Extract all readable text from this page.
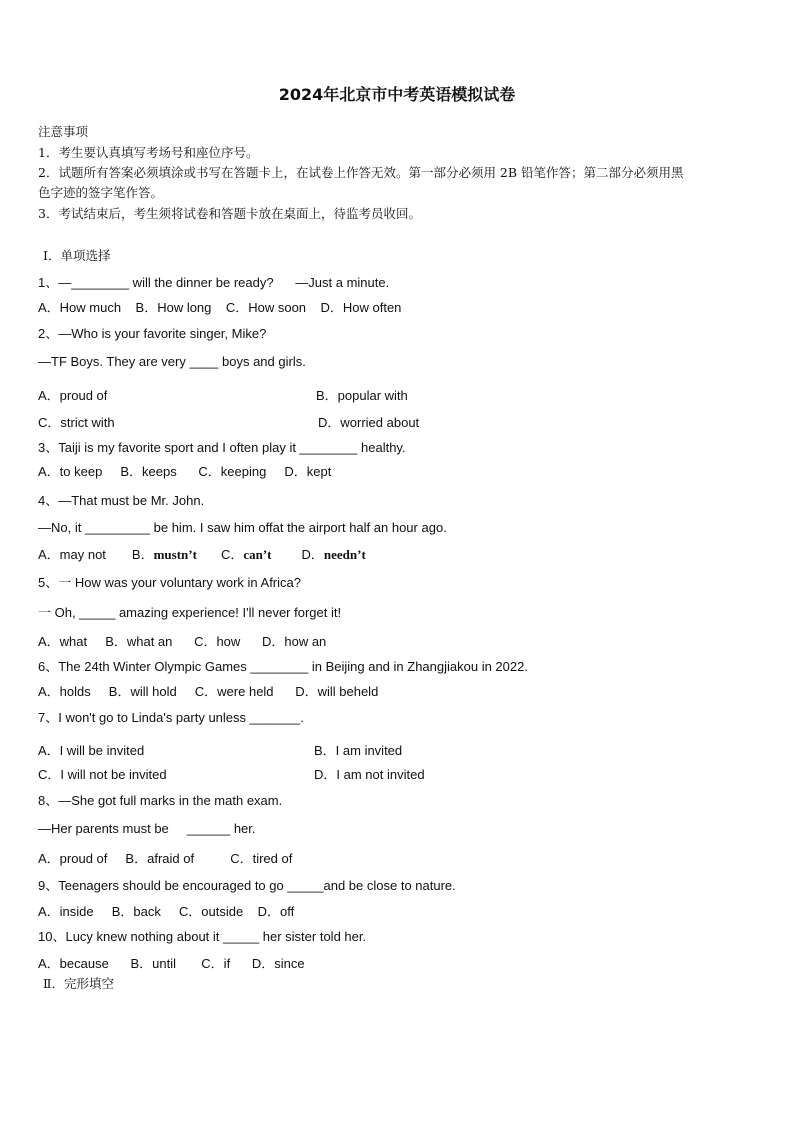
2024年北京市中考英语模拟试卷
注意事项
1．考生要认真填写考场号和座位序号。
2．试题所有答案必须填涂或书写在答题卡上，在试卷上作答无效。第一部分必须用 2B 铅笔作答；第二部分必须用黑
色字迹的签字笔作答。
3．考试结束后，考生须将试卷和答题卡放在桌面上，待监考员收回。
Ⅰ．单项选择
1、—________ will the dinner be ready?      —Just a minute.
A．How much    B．How long    C．How soon    D．How often
2、—Who is your favorite singer, Mike?
—TF Boys. They are very ____ boys and girls.
A．proud of	B．popular with
C．strict with	D．worried about
3、Taiji is my favorite sport and I often play it ________ healthy.
A．to keep     B．keeps      C．keeping     D．kept
4、—That must be Mr. John.
—No, it _________ be him. I saw him offat the airport half an hour ago.
A．may not B．mustn’t C．can’t D．needn’t
5、一 How was your voluntary work in Africa?
一 Oh, _____ amazing experience! I'll never forget it!
A．what     B．what an      C．how      D．how an
6、The 24th Winter Olympic Games ________ in Beijing and in Zhangjiakou in 2022.
A．holds     B．will hold     C．were held      D．will beheld
7、I won't go to Linda's party unless _______.
A．I will be invited	B．I am invited
C．I will not be invited	D．I am not invited
8、—She got full marks in the math exam.
—Her parents must be     ______ her.
A．proud of     B．afraid of          C．tired of
9、Teenagers should be encouraged to go _____and be close to nature.
A．inside     B．back     C．outside    D．off
10、Lucy knew nothing about it _____ her sister told her.
A．because      B．until       C．if      D．since
Ⅱ．完形填空
